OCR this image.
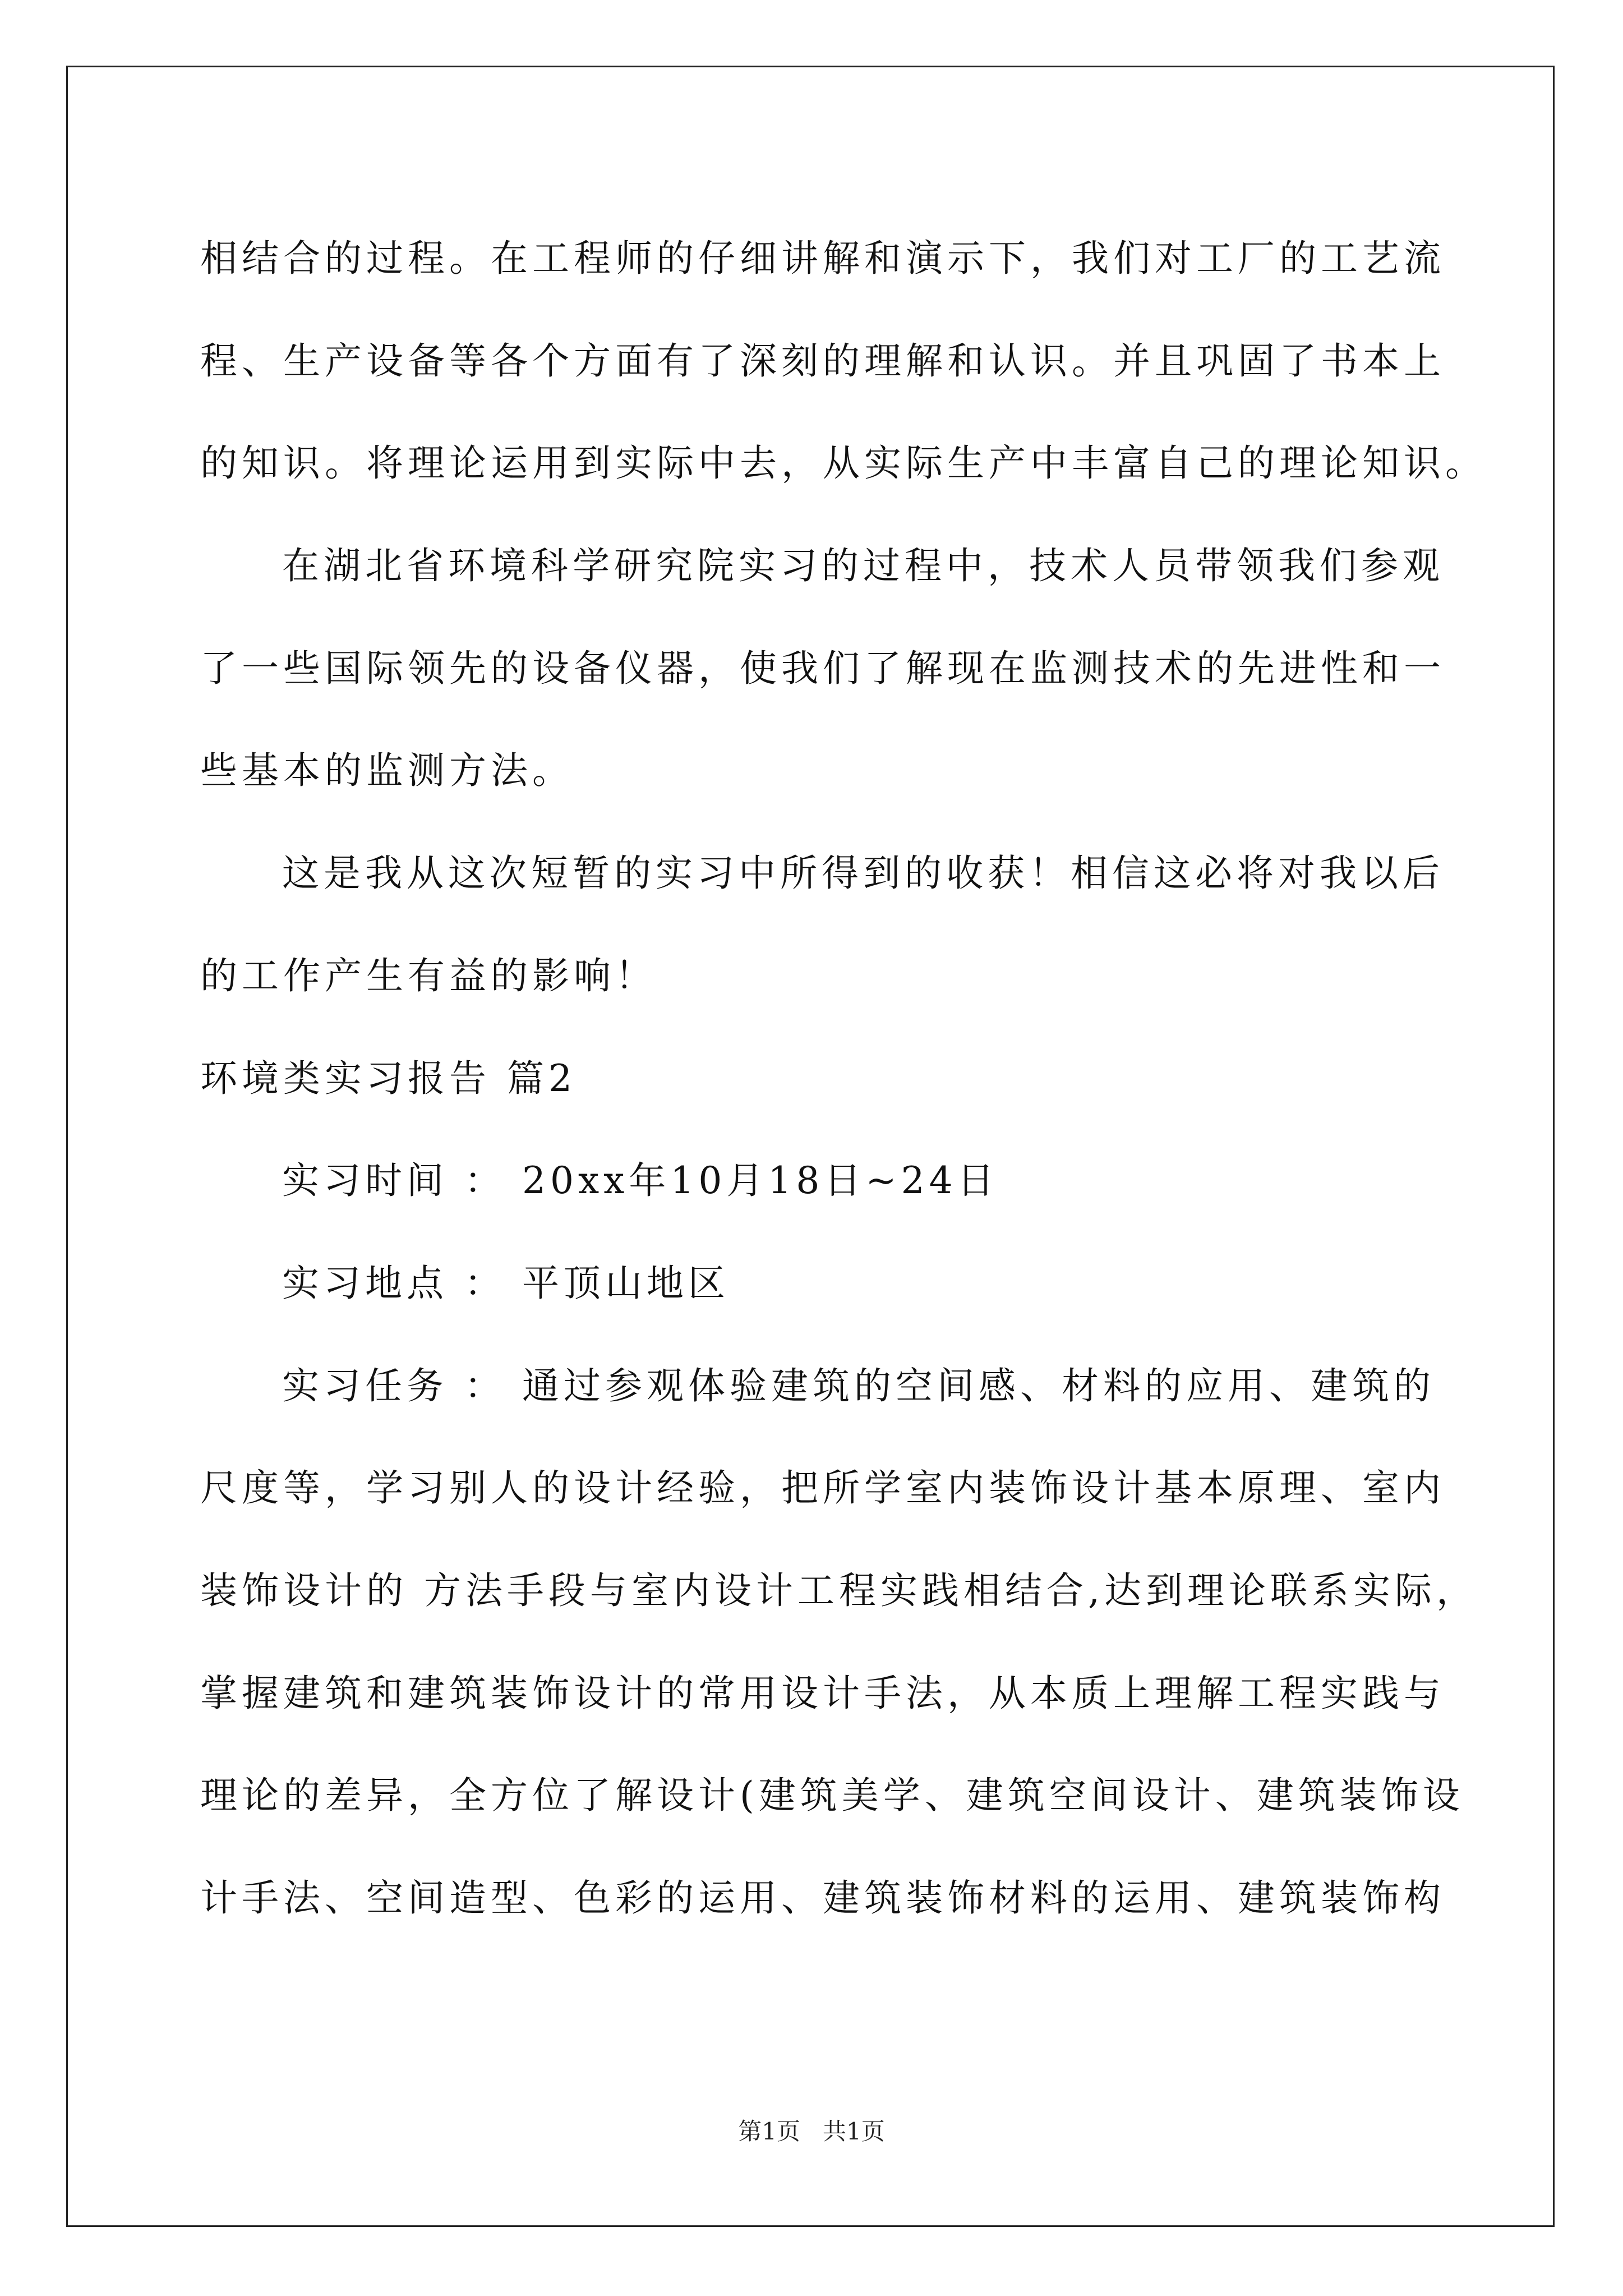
相结合的过程。在工程师的仔细讲解和演示下，我们对工厂的工艺流
程、生产设备等各个方面有了深刻的理解和认识。并且巩固了书本上
的知识。将理论运用到实际中去，从实际生产中丰富自己的理论知识。
在湖北省环境科学研究院实习的过程中，技术人员带领我们参观
了一些国际领先的设备仪器，使我们了解现在监测技术的先进性和一
些基本的监测方法。
这是我从这次短暂的实习中所得到的收获！相信这必将对我以后
的工作产生有益的影响！
环境类实习报告 篇2
实习时间 ： 20xx年10月18日~24日
实习地点 ： 平顶山地区
实习任务 ： 通过参观体验建筑的空间感、材料的应用、建筑的
尺度等，学习别人的设计经验，把所学室内装饰设计基本原理、室内
装饰设计的 方法手段与室内设计工程实践相结合,达到理论联系实际，
掌握建筑和建筑装饰设计的常用设计手法，从本质上理解工程实践与
理论的差异，全方位了解设计(建筑美学、建筑空间设计、建筑装饰设
计手法、空间造型、色彩的运用、建筑装饰材料的运用、建筑装饰构
第1页   共1页
